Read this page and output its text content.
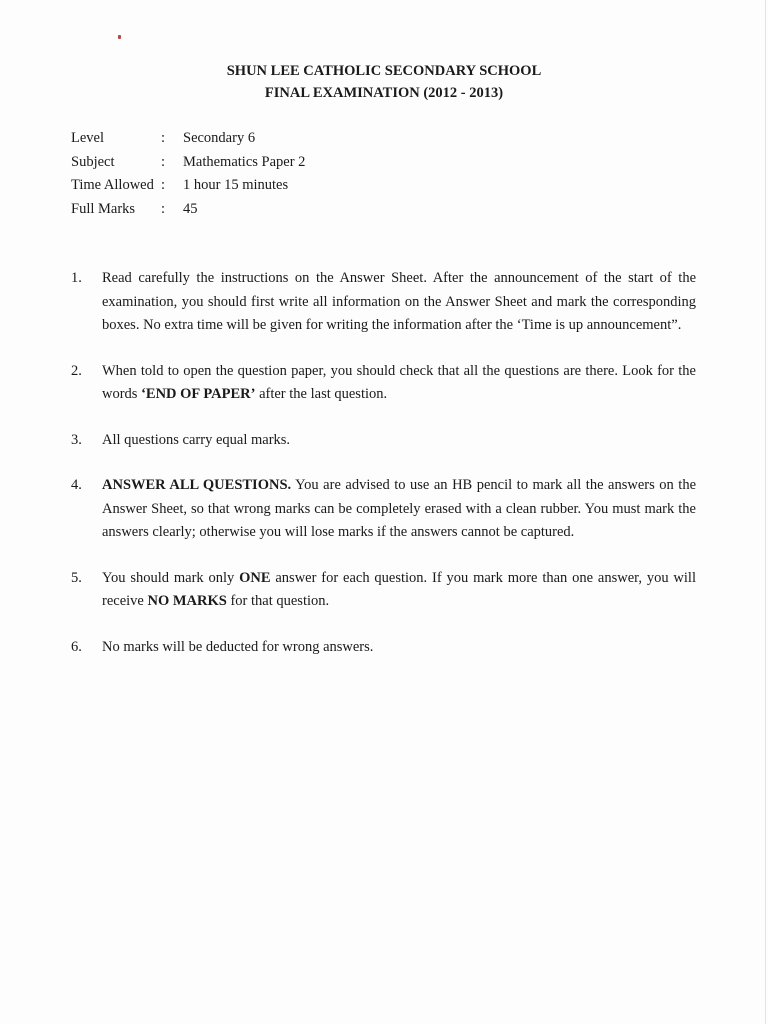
SHUN LEE CATHOLIC SECONDARY SCHOOL
FINAL EXAMINATION (2012 - 2013)
Level	:	Secondary 6
Subject	:	Mathematics Paper 2
Time Allowed :	1 hour 15 minutes
Full Marks	:	45
1.	Read carefully the instructions on the Answer Sheet. After the announcement of the start of the examination, you should first write all information on the Answer Sheet and mark the corresponding boxes. No extra time will be given for writing the information after the ‘Time is up announcement”.
2.	When told to open the question paper, you should check that all the questions are there. Look for the words ‘END OF PAPER’ after the last question.
3.	All questions carry equal marks.
4.	ANSWER ALL QUESTIONS. You are advised to use an HB pencil to mark all the answers on the Answer Sheet, so that wrong marks can be completely erased with a clean rubber. You must mark the answers clearly; otherwise you will lose marks if the answers cannot be captured.
5.	You should mark only ONE answer for each question. If you mark more than one answer, you will receive NO MARKS for that question.
6.	No marks will be deducted for wrong answers.
